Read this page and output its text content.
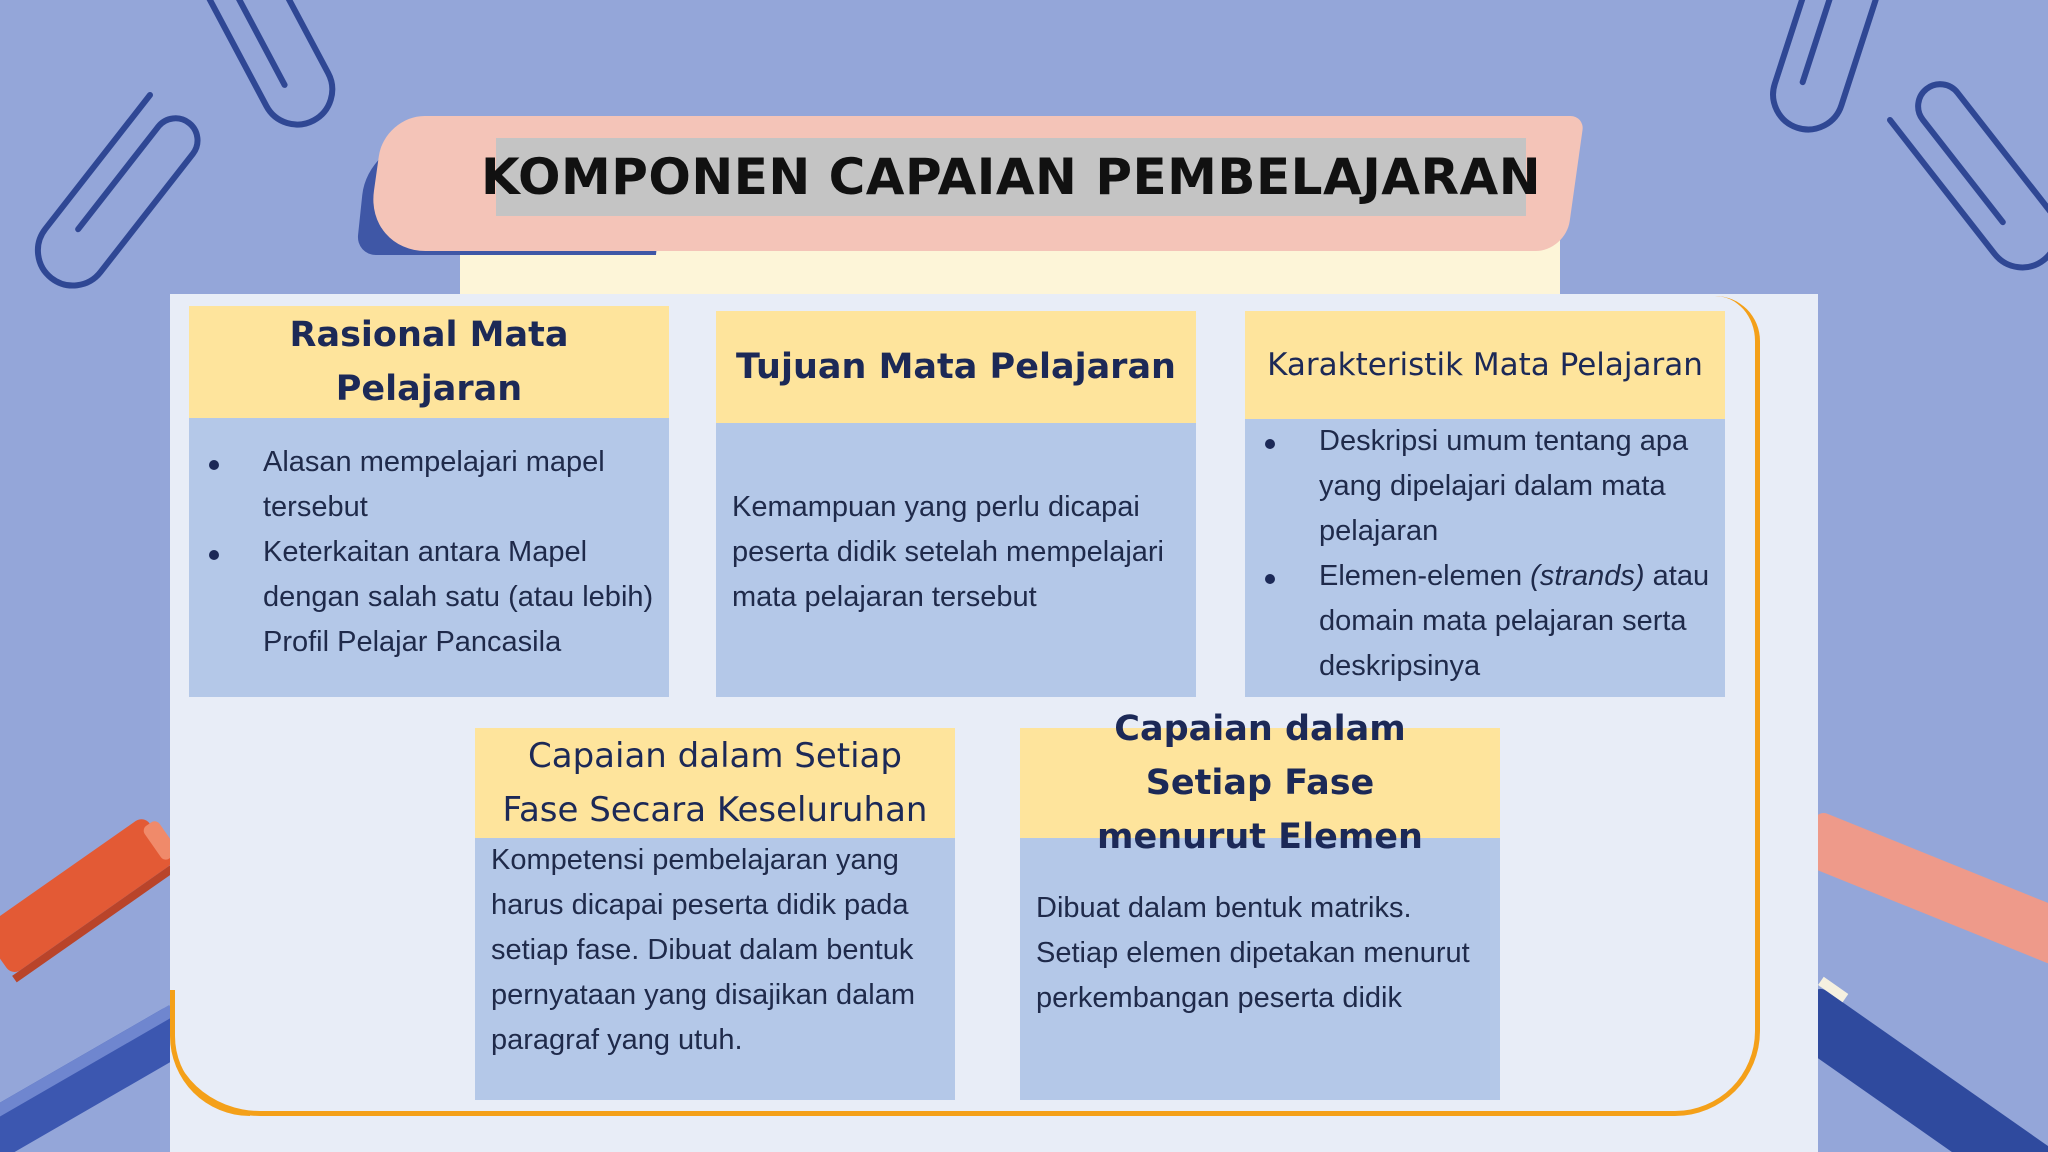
KOMPONEN CAPAIAN PEMBELAJARAN
Rasional Mata Pelajaran
Alasan mempelajari mapel tersebut
Keterkaitan antara Mapel dengan salah satu (atau lebih) Profil Pelajar Pancasila
Tujuan Mata Pelajaran

Kemampuan yang perlu dicapai peserta didik setelah mempelajari mata pelajaran tersebut

Karakteristik Mata Pelajaran
Deskripsi umum tentang apa yang dipelajari dalam mata pelajaran
Elemen-elemen (strands) atau domain mata pelajaran serta deskripsinya
Capaian dalam Setiap Fase Secara Keseluruhan

Kompetensi pembelajaran yang harus dicapai peserta didik pada setiap fase. Dibuat dalam bentuk pernyataan yang disajikan dalam paragraf yang utuh.

Capaian dalam Setiap Fase menurut Elemen

Dibuat dalam bentuk matriks. Setiap elemen dipetakan menurut perkembangan peserta didik
